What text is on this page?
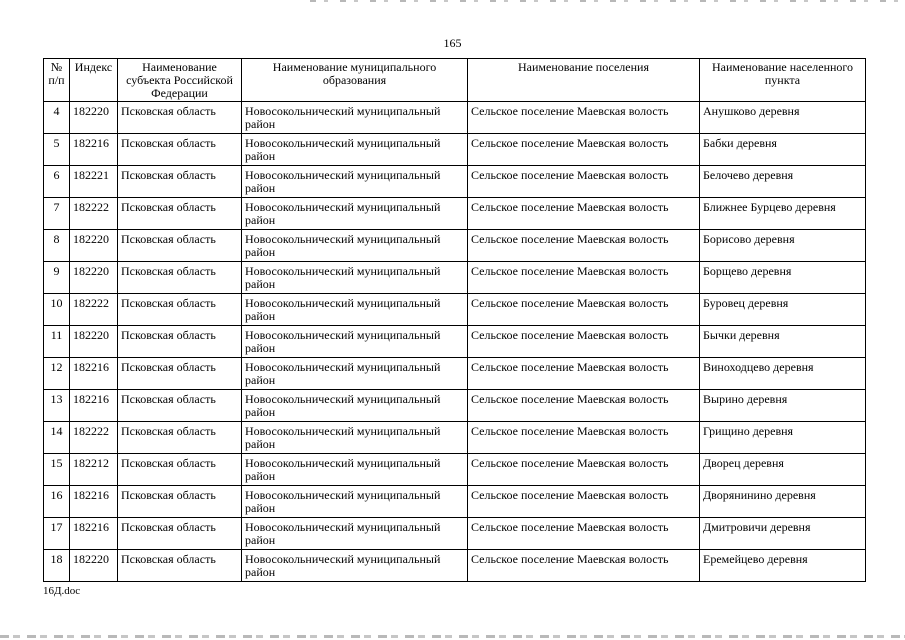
165
№ п/п	Индекс	Наименование субъекта Российской Федерации	Наименование муниципального образования	Наименование поселения	Наименование населенного пункта
4	182220	Псковская область	Новосокольнический муниципальный район	Сельское поселение Маевская волость	Анушково деревня
5	182216	Псковская область	Новосокольнический муниципальный район	Сельское поселение Маевская волость	Бабки деревня
6	182221	Псковская область	Новосокольнический муниципальный район	Сельское поселение Маевская волость	Белочево деревня
7	182222	Псковская область	Новосокольнический муниципальный район	Сельское поселение Маевская волость	Ближнее Бурцево деревня
8	182220	Псковская область	Новосокольнический муниципальный район	Сельское поселение Маевская волость	Борисово деревня
9	182220	Псковская область	Новосокольнический муниципальный район	Сельское поселение Маевская волость	Борщево деревня
10	182222	Псковская область	Новосокольнический муниципальный район	Сельское поселение Маевская волость	Буровец деревня
11	182220	Псковская область	Новосокольнический муниципальный район	Сельское поселение Маевская волость	Бычки деревня
12	182216	Псковская область	Новосокольнический муниципальный район	Сельское поселение Маевская волость	Виноходцево деревня
13	182216	Псковская область	Новосокольнический муниципальный район	Сельское поселение Маевская волость	Вырино деревня
14	182222	Псковская область	Новосокольнический муниципальный район	Сельское поселение Маевская волость	Грищино деревня
15	182212	Псковская область	Новосокольнический муниципальный район	Сельское поселение Маевская волость	Дворец деревня
16	182216	Псковская область	Новосокольнический муниципальный район	Сельское поселение Маевская волость	Дворянинино деревня
17	182216	Псковская область	Новосокольнический муниципальный район	Сельское поселение Маевская волость	Дмитровичи деревня
18	182220	Псковская область	Новосокольнический муниципальный район	Сельское поселение Маевская волость	Еремейцево деревня
16Д.doc
